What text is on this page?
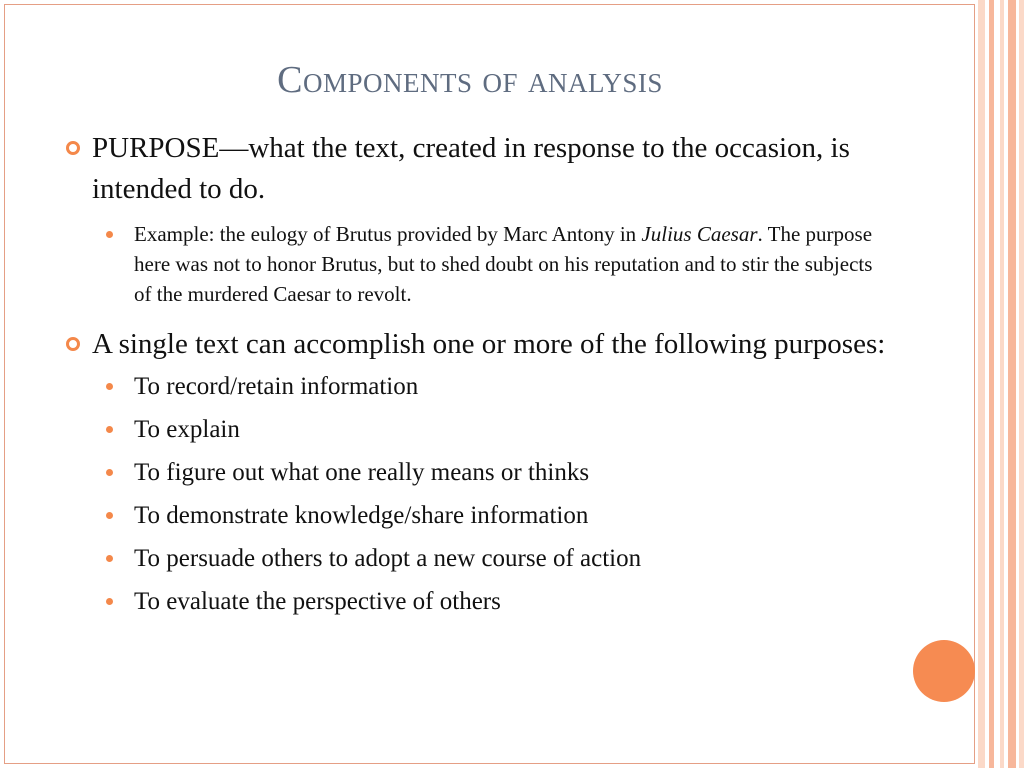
Components of analysis
PURPOSE—what the text, created in response to the occasion, is intended to do.
Example: the eulogy of Brutus provided by Marc Antony in Julius Caesar. The purpose here was not to honor Brutus, but to shed doubt on his reputation and to stir the subjects of the murdered Caesar to revolt.
A single text can accomplish one or more of the following purposes:
To record/retain information
To explain
To figure out what one really means or thinks
To demonstrate knowledge/share information
To persuade others to adopt a new course of action
To evaluate the perspective of others
